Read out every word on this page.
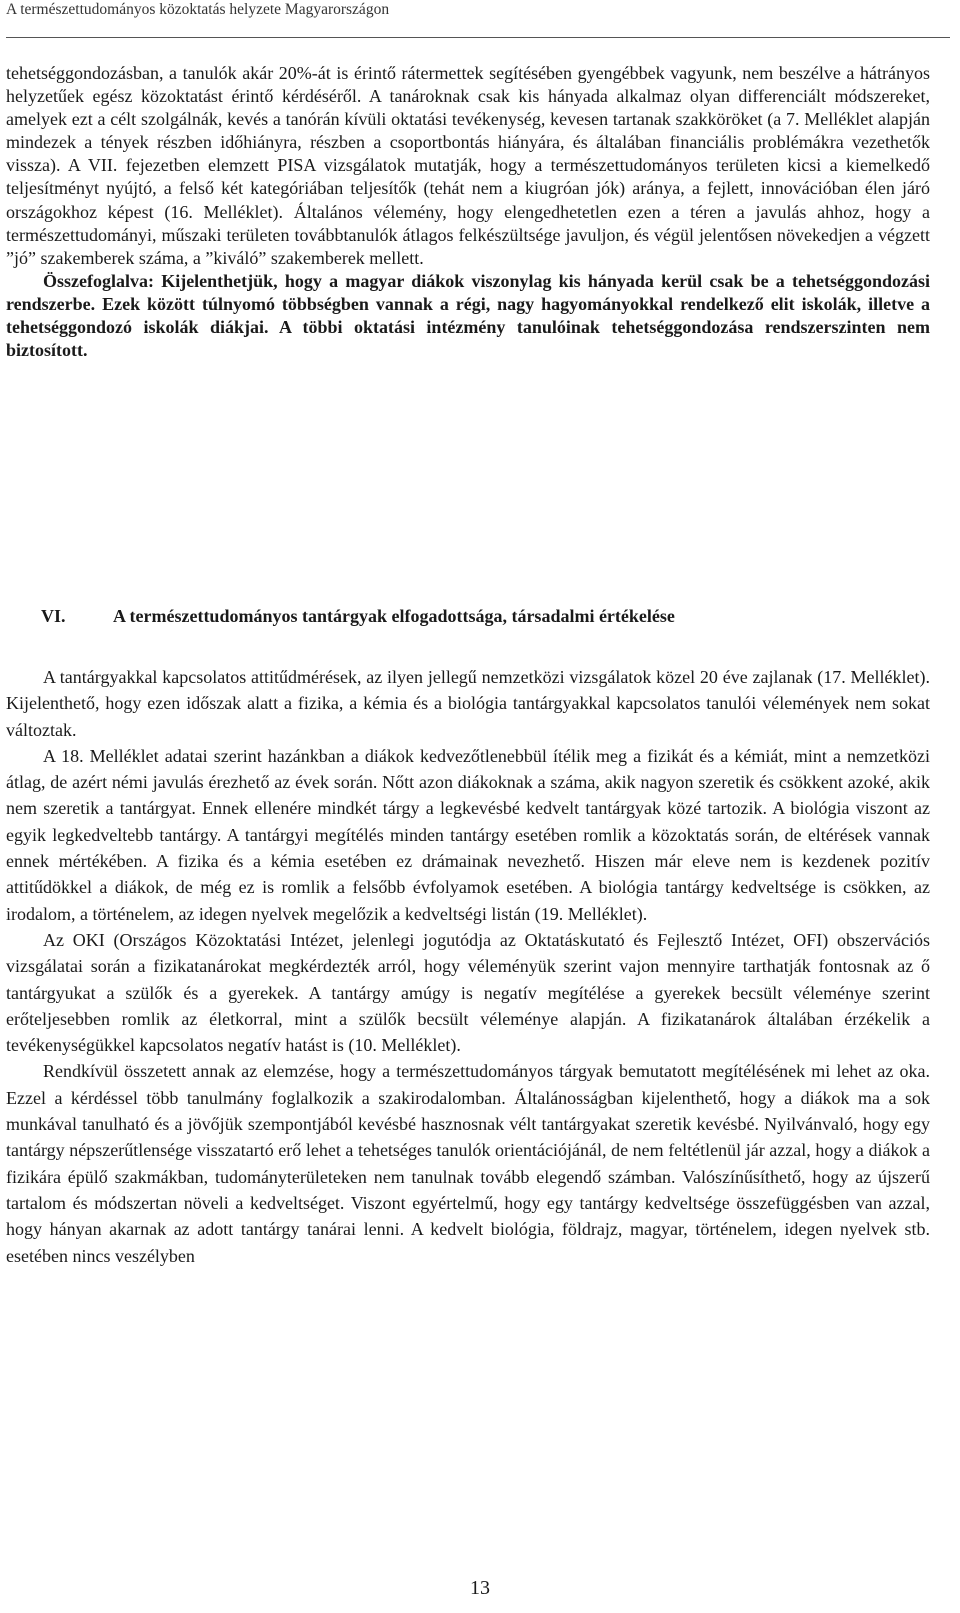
A természettudományos közoktatás helyzete Magyarországon

tehetséggondozásban, a tanulók akár 20%-át is érintő rátermettek segítésében gyengébbek vagyunk, nem beszélve a hátrányos helyzetűek egész közoktatást érintő kérdéséről. A tanároknak csak kis hányada alkalmaz olyan differenciált módszereket, amelyek ezt a célt szolgálnák, kevés a tanórán kívüli oktatási tevékenység, kevesen tartanak szakköröket (a 7. Melléklet alapján mindezek a tények részben időhiányra, részben a csoportbontás hiányára, és általában financiális problémákra vezethetők vissza). A VII. fejezetben elemzett PISA vizsgálatok mutatják, hogy a természettudományos területen kicsi a kiemelkedő teljesítményt nyújtó, a felső két kategóriában teljesítők (tehát nem a kiugróan jók) aránya, a fejlett, innovációban élen járó országokhoz képest (16. Melléklet). Általános vélemény, hogy elengedhetetlen ezen a téren a javulás ahhoz, hogy a természettudományi, műszaki területen továbbtanulók átlagos felkészültsége javuljon, és végül jelentősen növekedjen a végzett ”jó” szakemberek száma, a ”kiváló” szakemberek mellett.

Összefoglalva: Kijelenthetjük, hogy a magyar diákok viszonylag kis hányada kerül csak be a tehetséggondozási rendszerbe. Ezek között túlnyomó többségben vannak a régi, nagy hagyományokkal rendelkező elit iskolák, illetve a tehetséggondozó iskolák diákjai. A többi oktatási intézmény tanulóinak tehetséggondozása rendszerszinten nem biztosított.

VI.	A természettudományos tantárgyak elfogadottsága, társadalmi értékelése

A tantárgyakkal kapcsolatos attitűdmérések, az ilyen jellegű nemzetközi vizsgálatok közel 20 éve zajlanak (17. Melléklet). Kijelenthető, hogy ezen időszak alatt a fizika, a kémia és a biológia tantárgyakkal kapcsolatos tanulói vélemények nem sokat változtak.

A 18. Melléklet adatai szerint hazánkban a diákok kedvezőtlenebbül ítélik meg a fizikát és a kémiát, mint a nemzetközi átlag, de azért némi javulás érezhető az évek során. Nőtt azon diákoknak a száma, akik nagyon szeretik és csökkent azoké, akik nem szeretik a tantárgyat. Ennek ellenére mindkét tárgy a legkevésbé kedvelt tantárgyak közé tartozik. A biológia viszont az egyik legkedveltebb tantárgy. A tantárgyi megítélés minden tantárgy esetében romlik a közoktatás során, de eltérések vannak ennek mértékében. A fizika és a kémia esetében ez drámainak nevezhető. Hiszen már eleve nem is kezdenek pozitív attitűdökkel a diákok, de még ez is romlik a felsőbb évfolyamok esetében. A biológia tantárgy kedveltsége is csökken, az irodalom, a történelem, az idegen nyelvek megelőzik a kedveltségi listán (19. Melléklet).

Az OKI (Országos Közoktatási Intézet, jelenlegi jogutódja az Oktatáskutató és Fejlesztő Intézet, OFI) obszervációs vizsgálatai során a fizikatanárokat megkérdezték arról, hogy véleményük szerint vajon mennyire tarthatják fontosnak az ő tantárgyukat a szülők és a gyerekek. A tantárgy amúgy is negatív megítélése a gyerekek becsült véleménye szerint erőteljesebben romlik az életkorral, mint a szülők becsült véleménye alapján. A fizikatanárok általában érzékelik a tevékenységükkel kapcsolatos negatív hatást is (10. Melléklet).

Rendkívül összetett annak az elemzése, hogy a természettudományos tárgyak bemutatott megítélésének mi lehet az oka. Ezzel a kérdéssel több tanulmány foglalkozik a szakirodalomban. Általánosságban kijelenthető, hogy a diákok ma a sok munkával tanulható és a jövőjük szempontjából kevésbé hasznosnak vélt tantárgyakat szeretik kevésbé. Nyilvánvaló, hogy egy tantárgy népszerűtlensége visszatartó erő lehet a tehetséges tanulók orientációjánál, de nem feltétlenül jár azzal, hogy a diákok a fizikára épülő szakmákban, tudományterületeken nem tanulnak tovább elegendő számban. Valószínűsíthető, hogy az újszerű tartalom és módszertan növeli a kedveltséget. Viszont egyértelmű, hogy egy tantárgy kedveltsége összefüggésben van azzal, hogy hányan akarnak az adott tantárgy tanárai lenni. A kedvelt biológia, földrajz, magyar, történelem, idegen nyelvek stb. esetében nincs veszélyben

13
